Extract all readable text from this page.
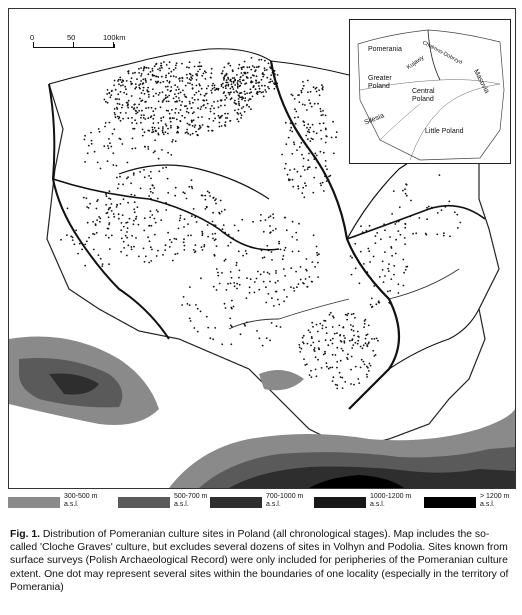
0	50	100km
Pomerania	Chełmno-Dobrzyń
Kujawy
Greater Poland
Central Poland
Masovia
Silesia
Little Poland
300-500 m
a.s.l.
500-700 m
a.s.l.
700-1000 m
a.s.l.
1000-1200 m
a.s.l.
> 1200 m
a.s.l.
Fig. 1. Distribution of Pomeranian culture sites in Poland (all chronological stages). Map includes the so-called 'Cloche Graves' culture, but excludes several dozens of sites in Volhyn and Podolia. Sites known from surface surveys (Polish Archaeological Record) were only included for peripheries of the Pomeranian culture extent. One dot may represent several sites within the boundaries of one locality (especially in the territory of Pomerania)
